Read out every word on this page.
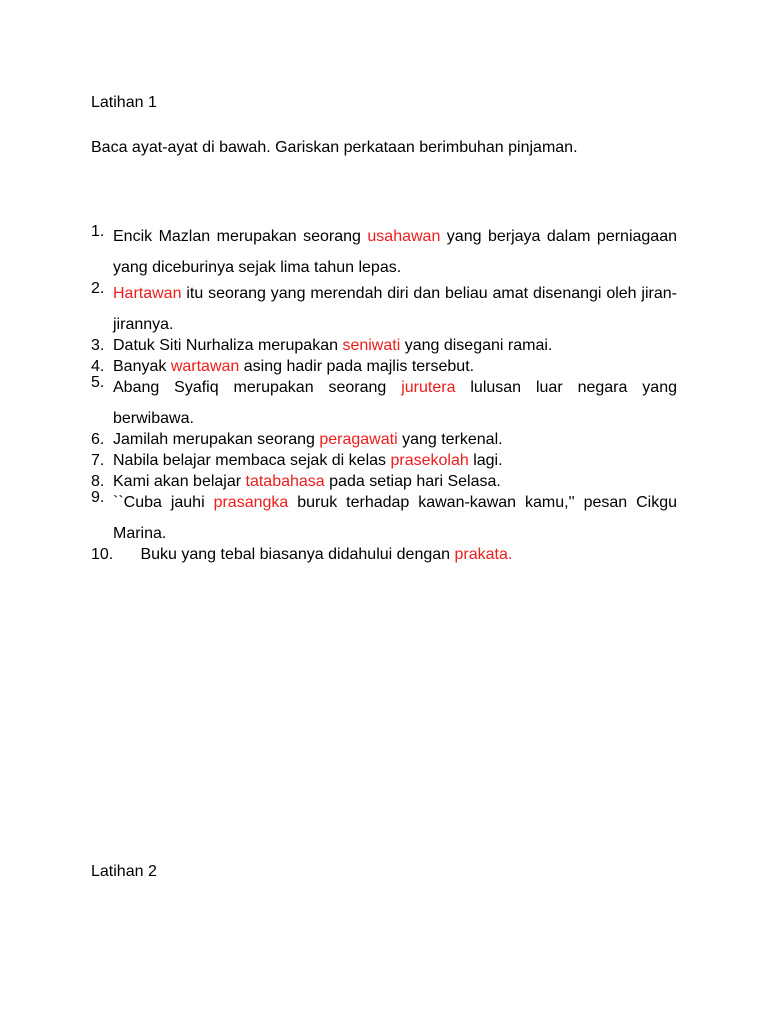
Latihan 1
Baca ayat-ayat di bawah. Gariskan perkataan berimbuhan pinjaman.
1. Encik Mazlan merupakan seorang usahawan yang berjaya dalam perniagaan yang diceburinya sejak lima tahun lepas.
2. Hartawan itu seorang yang merendah diri dan beliau amat disenangi oleh jiran-jirannya.
3. Datuk Siti Nurhaliza merupakan seniwati yang disegani ramai.
4. Banyak wartawan asing hadir pada majlis tersebut.
5. Abang Syafiq merupakan seorang jurutera lulusan luar negara yang berwibawa.
6. Jamilah merupakan seorang peragawati yang terkenal.
7. Nabila belajar membaca sejak di kelas prasekolah lagi.
8. Kami akan belajar tatabahasa pada setiap hari Selasa.
9. ``Cuba jauhi prasangka buruk terhadap kawan-kawan kamu,'' pesan Cikgu Marina.
10. Buku yang tebal biasanya didahului dengan prakata.
Latihan 2
